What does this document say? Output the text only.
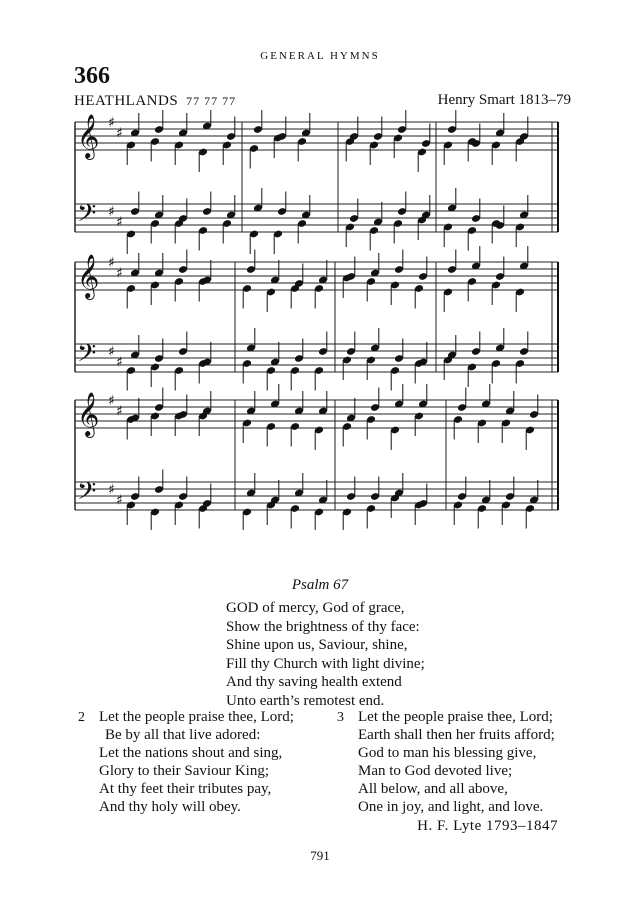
GENERAL HYMNS
366
HEATHLANDS 77 77 77	Henry Smart 1813–79
𝄞 ♯
♯
𝄢 ♯
♯
𝄞 ♯
♯
𝄢 ♯
♯
𝄞 ♯
♯
𝄢 ♯
♯
Psalm 67
GOD of mercy, God of grace,
Show the brightness of thy face:
Shine upon us, Saviour, shine,
Fill thy Church with light divine;
And thy saving health extend
Unto earth’s remotest end.
2 Let the people praise thee, Lord;
Be by all that live adored:
Let the nations shout and sing,
Glory to their Saviour King;
At thy feet their tributes pay,
And thy holy will obey.
3 Let the people praise thee, Lord;
Earth shall then her fruits afford;
God to man his blessing give,
Man to God devoted live;
All below, and all above,
One in joy, and light, and love.
H. F. Lyte 1793–1847
791
